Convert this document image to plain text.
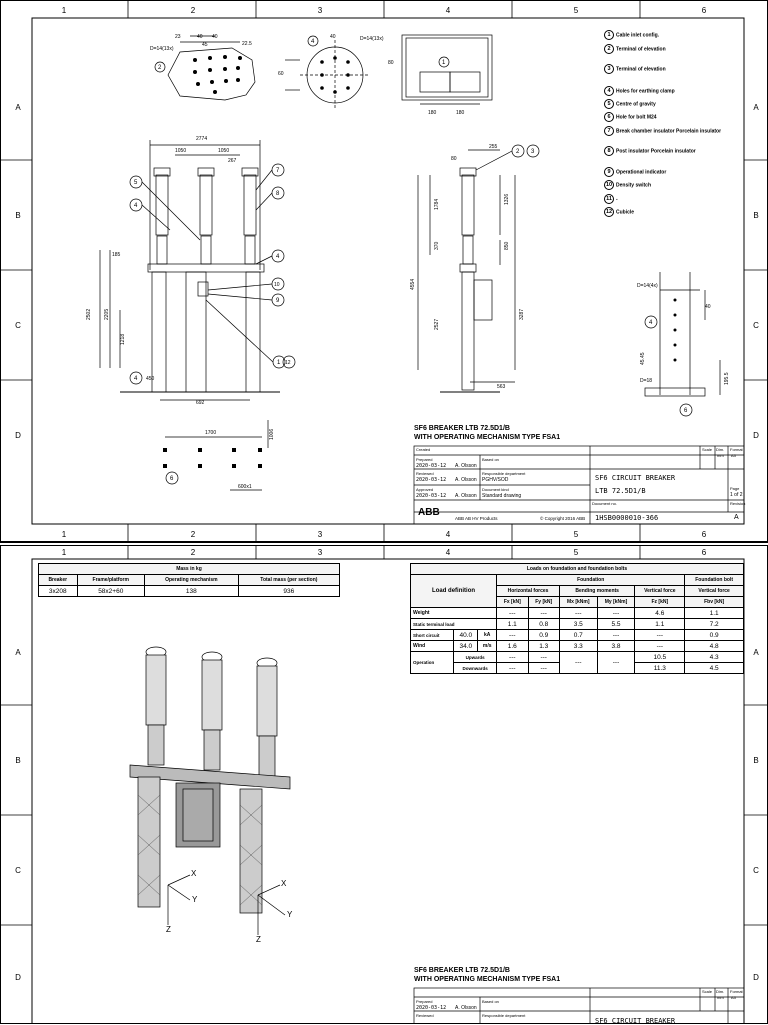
1	2	3	4	5	6
1	2	3	4	5	6
A
B
C
D
A
B
C
D
23	40 40
45	22.5
D=14(13x)
2
4
40	D=14(13x)
60
80
180	180
1
2774
1050	1050
267
185
2502 2205
1218
450
692
5
4
7
8
4
10
9
1 12
4
255
80
4554
1784
370
2527
1326
850
3287
563
2 3
D=14(4x)
40
45.45
D=18	195.5
4
6
1700
600x1
1006
6
SF6 BREAKER LTB 72.5D1/B
WITH OPERATING MECHANISM TYPE FSA1
1 Cable inlet config.
2 Terminal of elevation
3 Terminal of elevation
4 Holes for earthing clamp
5 Centre of gravity
6 Hole for bolt M24
7 Break chamber insulator Porcelain insulator
8 Post insulator Porcelain insulator
9 Operational indicator
10 Density switch
11 -
12 Cubicle
Created
Prepared
2020-03-12 A. Olsson
Reviewed
2020-03-12 A. Olsson
Approved
2020-03-12 A. Olsson
Based on
Responsible department
PGHV/SOD
Document kind
Standard drawing
SF6 CIRCUIT BREAKER
LTB 72.5D1/B
Scale Dim.
mm
Format
A3
Page
1 of 2
Document no.
1HSB0000010-366
Revision
A
ABB
ABB AB HV Products	© Copyright 2016 ABB
1	2	3	4	5	6
A
B
C
D
A
B
C
D
Z
X
Y
Z
X
Y
Mass in kg			
Breaker	Frame/platform	Operating mechanism	Total mass (per section)
3x208	58x2+60	138	936
Loads on foundation and foundation bolts								
Load definition			Foundation					Foundation bolt
			Horizontal forces		Bending moments		Vertical force	Vertical force
			Fx [kN]	Fy [kN]	Mx [kNm]	My [kNm]	Fz [kN]	Fbv [kN]
Weight			---	---	---	---	4.6	1.1
Static terminal load			1.1	0.8	3.5	5.5	1.1	7.2
Short circuit	40.0	kA	---	0.9	0.7	---	---	0.9
Wind	34.0	m/s	1.6	1.3	3.3	3.8	---	4.8
Operation	Upwards		---	---	---	---	10.5	4.3
	Downwards		---	---			11.3	4.5
SF6 BREAKER LTB 72.5D1/B
WITH OPERATING MECHANISM TYPE FSA1
Prepared
2020-03-12 A. Olsson
Reviewed
Based on
Responsible department
SF6 CIRCUIT BREAKER
Scale Dim.
mm
Format
A3
